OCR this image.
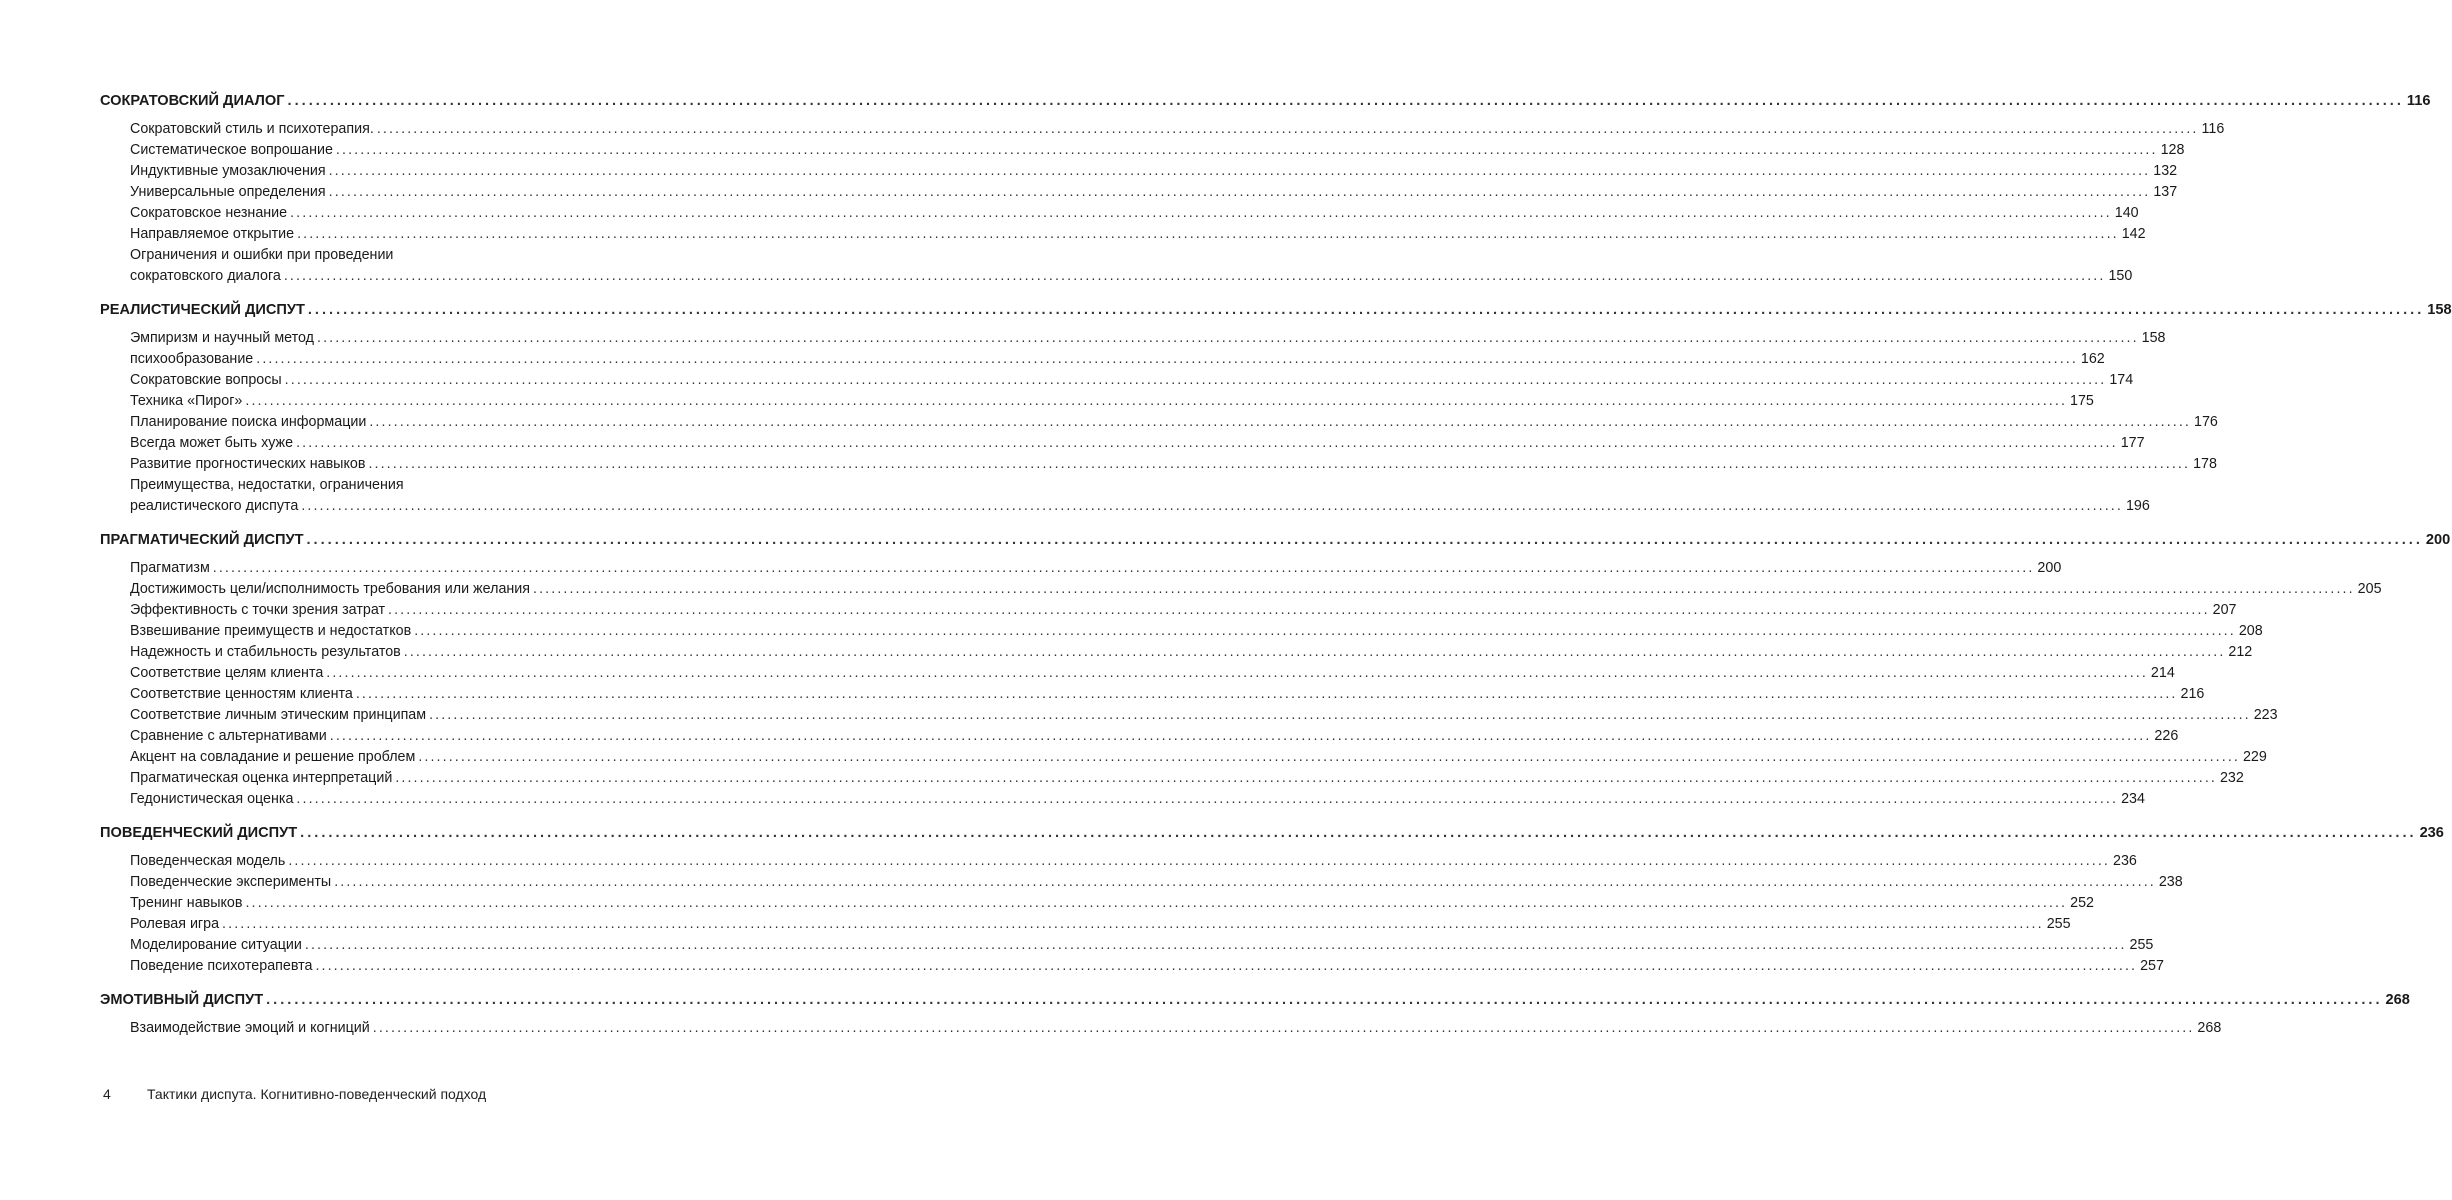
СОКРАТОВСКИЙ ДИАЛОГ ............................................................................................................................................................................................................................................................................................................ 116
Сократовский стиль и психотерапия. ............................................................................................................................................................................................................................................................................................................ 116
Систематическое вопрошание ............................................................................................................................................................................................................................................................................................................ 128
Индуктивные умозаключения ............................................................................................................................................................................................................................................................................................................ 132
Универсальные определения ............................................................................................................................................................................................................................................................................................................ 137
Сократовское незнание ............................................................................................................................................................................................................................................................................................................ 140
Направляемое открытие ............................................................................................................................................................................................................................................................................................................ 142
Ограничения и ошибки при проведении
сократовского диалога ............................................................................................................................................................................................................................................................................................................ 150
РЕАЛИСТИЧЕСКИЙ ДИСПУТ ............................................................................................................................................................................................................................................................................................................ 158
Эмпиризм и научный метод ............................................................................................................................................................................................................................................................................................................ 158
психообразование ............................................................................................................................................................................................................................................................................................................ 162
Сократовские вопросы ............................................................................................................................................................................................................................................................................................................ 174
Техника «Пирог» ............................................................................................................................................................................................................................................................................................................ 175
Планирование поиска информации ............................................................................................................................................................................................................................................................................................................ 176
Всегда может быть хуже ............................................................................................................................................................................................................................................................................................................ 177
Развитие прогностических навыков ............................................................................................................................................................................................................................................................................................................ 178
Преимущества, недостатки, ограничения
реалистического диспута ............................................................................................................................................................................................................................................................................................................ 196
ПРАГМАТИЧЕСКИЙ ДИСПУТ ............................................................................................................................................................................................................................................................................................................ 200
Прагматизм ............................................................................................................................................................................................................................................................................................................ 200
Достижимость цели/исполнимость требования или желания ............................................................................................................................................................................................................................................................................................................ 205
Эффективность с точки зрения затрат ............................................................................................................................................................................................................................................................................................................ 207
Взвешивание преимуществ и недостатков ............................................................................................................................................................................................................................................................................................................ 208
Надежность и стабильность результатов ............................................................................................................................................................................................................................................................................................................ 212
Соответствие целям клиента ............................................................................................................................................................................................................................................................................................................ 214
Соответствие ценностям клиента ............................................................................................................................................................................................................................................................................................................ 216
Соответствие личным этическим принципам ............................................................................................................................................................................................................................................................................................................ 223
Сравнение с альтернативами ............................................................................................................................................................................................................................................................................................................ 226
Акцент на совладание и решение проблем ............................................................................................................................................................................................................................................................................................................ 229
Прагматическая оценка интерпретаций ............................................................................................................................................................................................................................................................................................................ 232
Гедонистическая оценка ............................................................................................................................................................................................................................................................................................................ 234
ПОВЕДЕНЧЕСКИЙ ДИСПУТ ............................................................................................................................................................................................................................................................................................................ 236
Поведенческая модель ............................................................................................................................................................................................................................................................................................................ 236
Поведенческие эксперименты ............................................................................................................................................................................................................................................................................................................ 238
Тренинг навыков ............................................................................................................................................................................................................................................................................................................ 252
Ролевая игра ............................................................................................................................................................................................................................................................................................................ 255
Моделирование ситуации ............................................................................................................................................................................................................................................................................................................ 255
Поведение психотерапевта ............................................................................................................................................................................................................................................................................................................ 257
ЭМОТИВНЫЙ ДИСПУТ ............................................................................................................................................................................................................................................................................................................ 268
Взаимодействие эмоций и когниций ............................................................................................................................................................................................................................................................................................................ 268
4	Тактики диспута. Когнитивно-поведенческий подход
